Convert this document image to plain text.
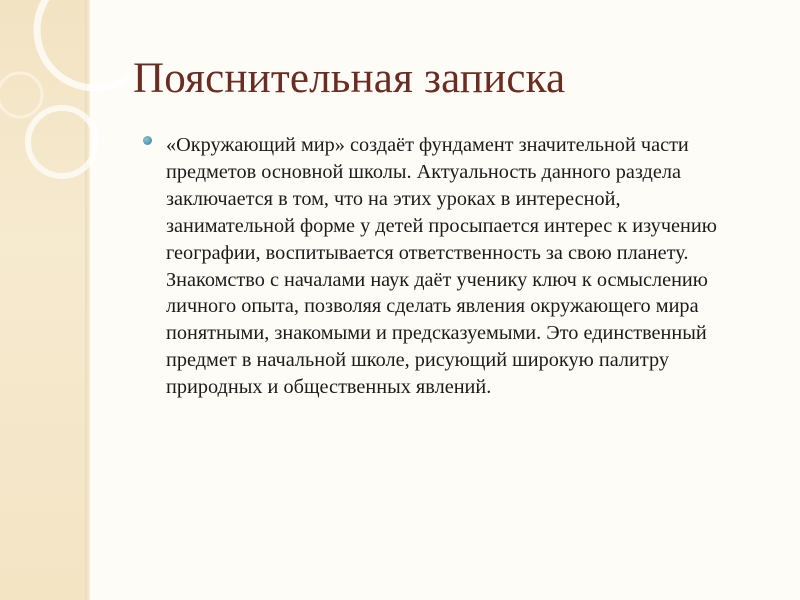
Пояснительная записка
«Окружающий мир» создаёт фундамент значительной части
предметов основной школы. Актуальность данного раздела
заключается в том, что на этих уроках в интересной,
занимательной форме у детей просыпается интерес к изучению
географии, воспитывается ответственность за свою планету.
Знакомство с началами наук даёт ученику ключ к осмыслению
личного опыта, позволяя сделать явления окружающего мира
понятными, знакомыми и предсказуемыми. Это единственный
предмет в начальной школе, рисующий широкую палитру
природных и общественных явлений.
